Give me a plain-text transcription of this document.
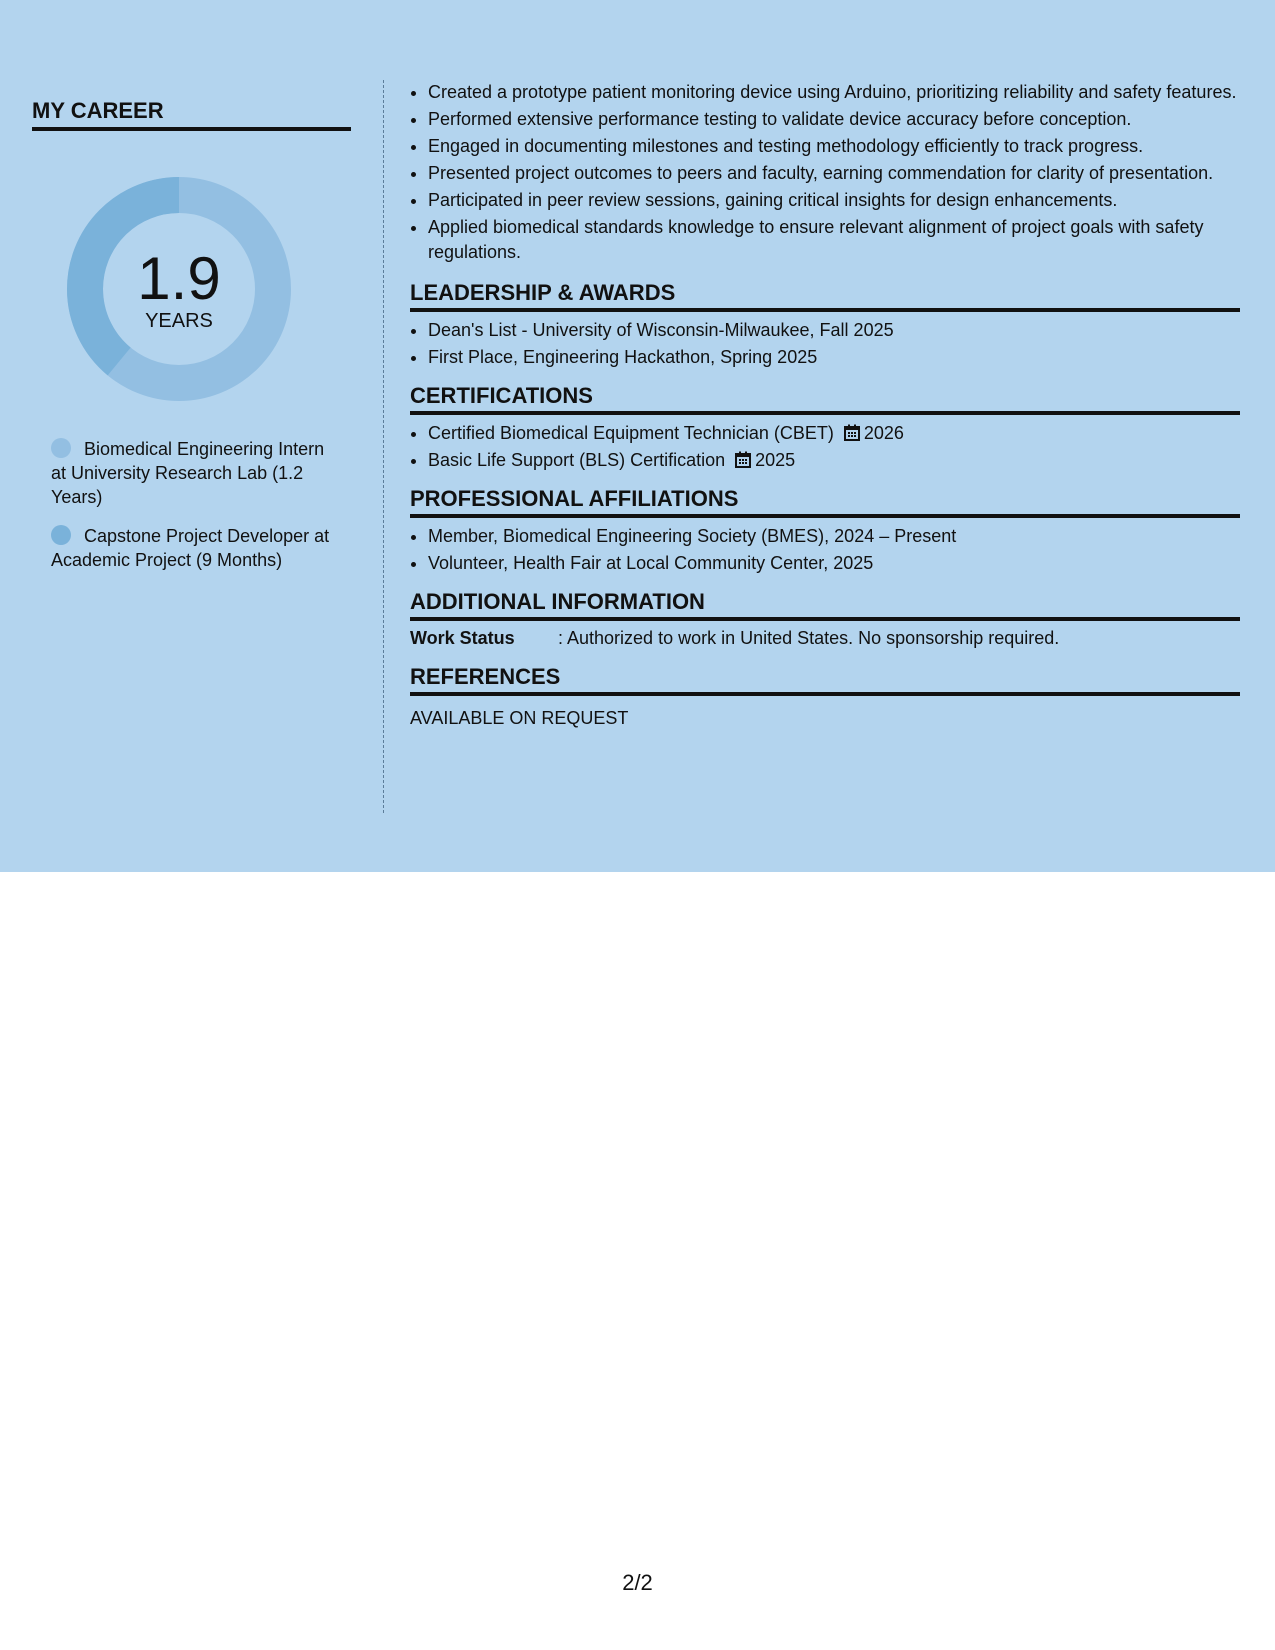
MY CAREER
1.9
YEARS
Biomedical Engineering Intern at University Research Lab (1.2 Years)
Capstone Project Developer at Academic Project (9 Months)
• Created a prototype patient monitoring device using Arduino, prioritizing reliability and safety features.
• Performed extensive performance testing to validate device accuracy before conception.
• Engaged in documenting milestones and testing methodology efficiently to track progress.
• Presented project outcomes to peers and faculty, earning commendation for clarity of presentation.
• Participated in peer review sessions, gaining critical insights for design enhancements.
• Applied biomedical standards knowledge to ensure relevant alignment of project goals with safety regulations.
LEADERSHIP & AWARDS
• Dean's List - University of Wisconsin-Milwaukee, Fall 2025
• First Place, Engineering Hackathon, Spring 2025
CERTIFICATIONS
• Certified Biomedical Equipment Technician (CBET) 2026
• Basic Life Support (BLS) Certification 2025
PROFESSIONAL AFFILIATIONS
• Member, Biomedical Engineering Society (BMES), 2024 – Present
• Volunteer, Health Fair at Local Community Center, 2025
ADDITIONAL INFORMATION
Work Status : Authorized to work in United States. No sponsorship required.
REFERENCES
AVAILABLE ON REQUEST
2/2
